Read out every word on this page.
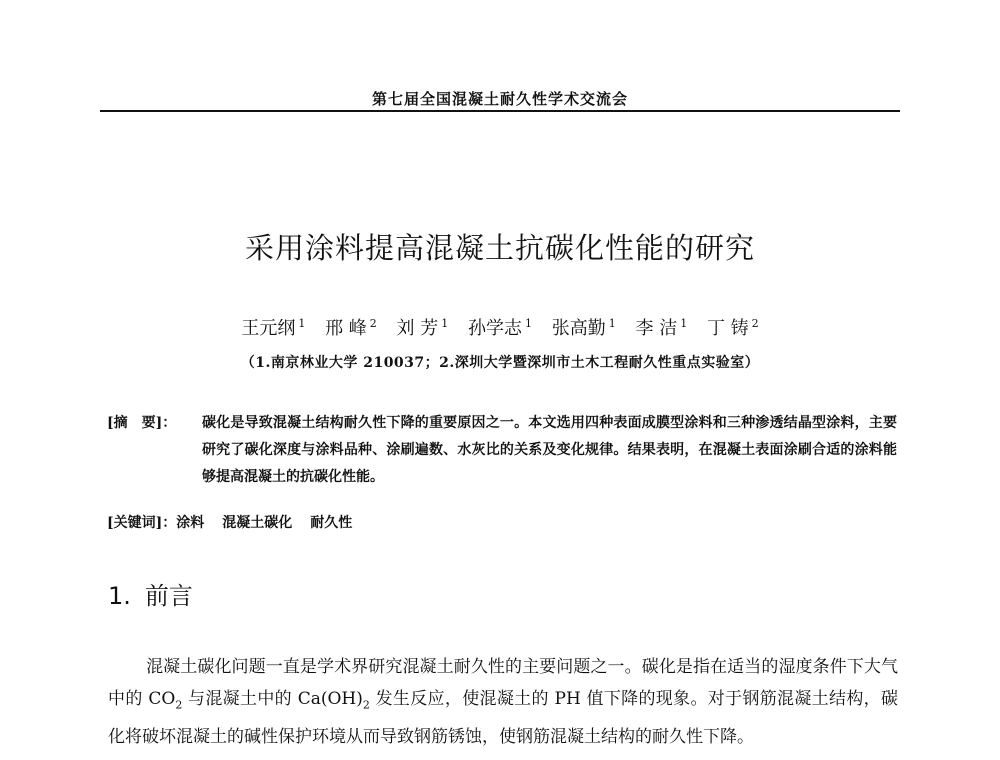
第七届全国混凝土耐久性学术交流会
采用涂料提高混凝土抗碳化性能的研究
王元纲 $^1$ 邢 峰 $^2$ 刘 芳 $^1$ 孙学志 $^1$ 张高勤 $^1$ 李 洁 $^1$ 丁 铸 $^2$
（1.南京林业大学 210037；2.深圳大学暨深圳市土木工程耐久性重点实验室）
[摘　要]： 碳化是导致混凝土结构耐久性下降的重要原因之一。本文选用四种表面成膜型涂料和三种渗透结晶型涂料，主要研究了碳化深度与涂料品种、涂刷遍数、水灰比的关系及变化规律。结果表明，在混凝土表面涂刷合适的涂料能够提高混凝土的抗碳化性能。
[关键词]：涂料 混凝土碳化 耐久性
1. 前言
混凝土碳化问题一直是学术界研究混凝土耐久性的主要问题之一。碳化是指在适当的湿度条件下大气中的 $CO_2$ 与混凝土中的 $Ca(OH)_2$ 发生反应，使混凝土的 PH 值下降的现象。对于钢筋混凝土结构，碳化将破坏混凝土的碱性保护环境从而导致钢筋锈蚀，使钢筋混凝土结构的耐久性下降。
